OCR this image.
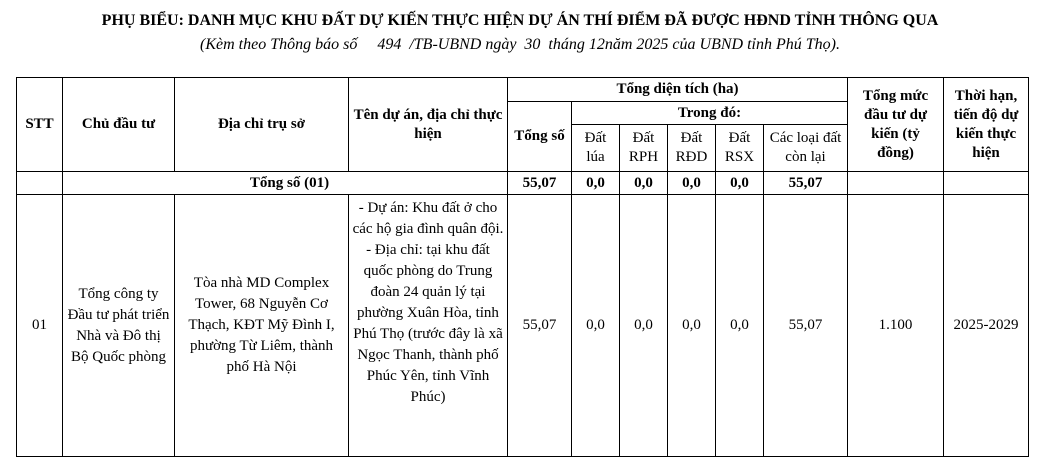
PHỤ BIỂU: DANH MỤC KHU ĐẤT DỰ KIẾN THỰC HIỆN DỰ ÁN THÍ ĐIỂM ĐÃ ĐƯỢC HĐND TỈNH THÔNG QUA
(Kèm theo Thông báo số     494  /TB-UBND ngày  30  tháng 12năm 2025 của UBND tỉnh Phú Thọ).
STT	Chủ đầu tư	Địa chỉ trụ sở	Tên dự án, địa chỉ thực hiện	Tổng diện tích (ha)						Tổng mức đầu tư dự kiến (tỷ đồng)	Thời hạn, tiến độ dự kiến thực hiện
				Tổng số	Trong đó:						
					Đất lúa	Đất RPH	Đất RĐD	Đất RSX	Các loại đất còn lại		
	Tổng số (01)			55,07	0,0	0,0	0,0	0,0	55,07		
01	Tổng công ty Đầu tư phát triển Nhà và Đô thị Bộ Quốc phòng	Tòa nhà MD Complex Tower, 68 Nguyễn Cơ Thạch, KĐT Mỹ Đình I, phường Từ Liêm, thành phố Hà Nội	- Dự án: Khu đất ở cho các hộ gia đình quân đội.
- Địa chỉ: tại khu đất quốc phòng do Trung đoàn 24 quản lý tại phường Xuân Hòa, tỉnh Phú Thọ (trước đây là xã Ngọc Thanh, thành phố Phúc Yên, tỉnh Vĩnh Phúc)	55,07	0,0	0,0	0,0	0,0	55,07	1.100	2025-2029
